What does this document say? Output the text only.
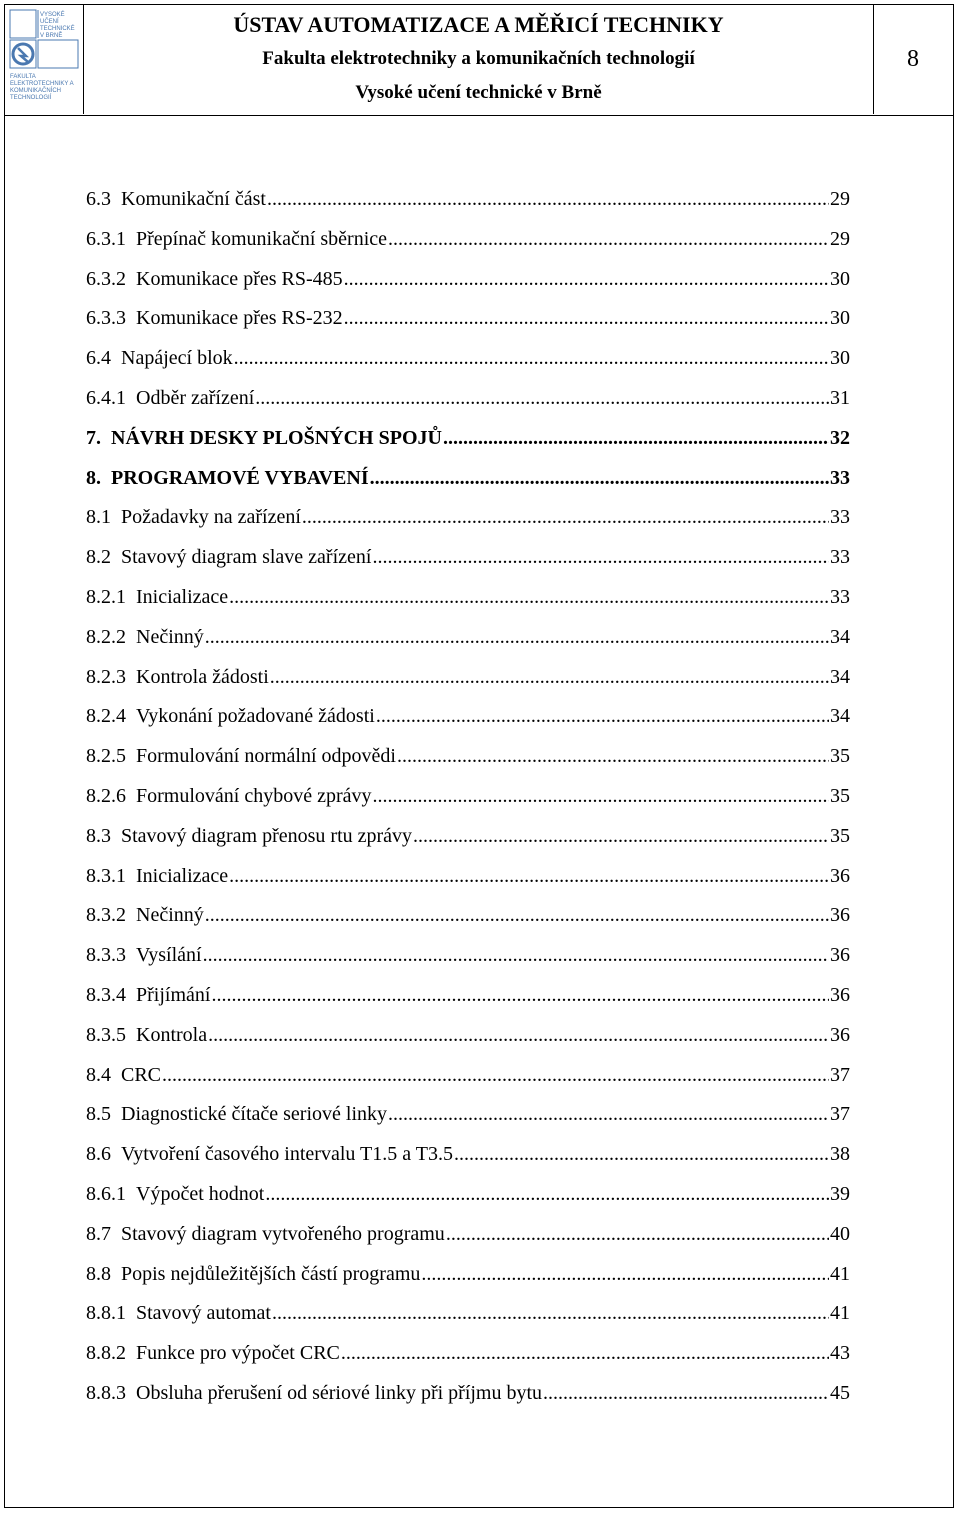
VYSOKÉ UČENÍ TECHNICKÉ V BRNĚ
FAKULTA ELEKTROTECHNIKY A KOMUNIKAČNÍCH TECHNOLOGIÍ
ÚSTAV AUTOMATIZACE A MĚŘICÍ TECHNIKY
Fakulta elektrotechniky a komunikačních technologií
Vysoké učení technické v Brně
8
6.3
Komunikační část .....	29
6.3.1
Přepínač komunikační sběrnice .....	29
6.3.2
Komunikace přes RS-485 .....	30
6.3.3
Komunikace přes RS-232 .....	30
6.4
Napájecí blok .....	30
6.4.1
Odběr zařízení .....	31
7.
NÁVRH DESKY PLOŠNÝCH SPOJŮ .....	32
8.
PROGRAMOVÉ VYBAVENÍ .....	33
8.1
Požadavky na zařízení .....	33
8.2
Stavový diagram slave zařízení .....	33
8.2.1
Inicializace .....	33
8.2.2
Nečinný .....	34
8.2.3
Kontrola žádosti .....	34
8.2.4
Vykonání požadované žádosti .....	34
8.2.5
Formulování normální odpovědi .....	35
8.2.6
Formulování chybové zprávy .....	35
8.3
Stavový diagram přenosu rtu zprávy .....	35
8.3.1
Inicializace .....	36
8.3.2
Nečinný .....	36
8.3.3
Vysílání .....	36
8.3.4
Přijímání .....	36
8.3.5
Kontrola .....	36
8.4
CRC .....	37
8.5
Diagnostické čítače seriové linky .....	37
8.6
Vytvoření časového intervalu T1.5 a T3.5 .....	38
8.6.1
Výpočet hodnot .....	39
8.7
Stavový diagram vytvořeného programu .....	40
8.8
Popis nejdůležitějších částí programu .....	41
8.8.1
Stavový automat .....	41
8.8.2
Funkce pro výpočet CRC .....	43
8.8.3
Obsluha přerušení od sériové linky při příjmu bytu .....	45
